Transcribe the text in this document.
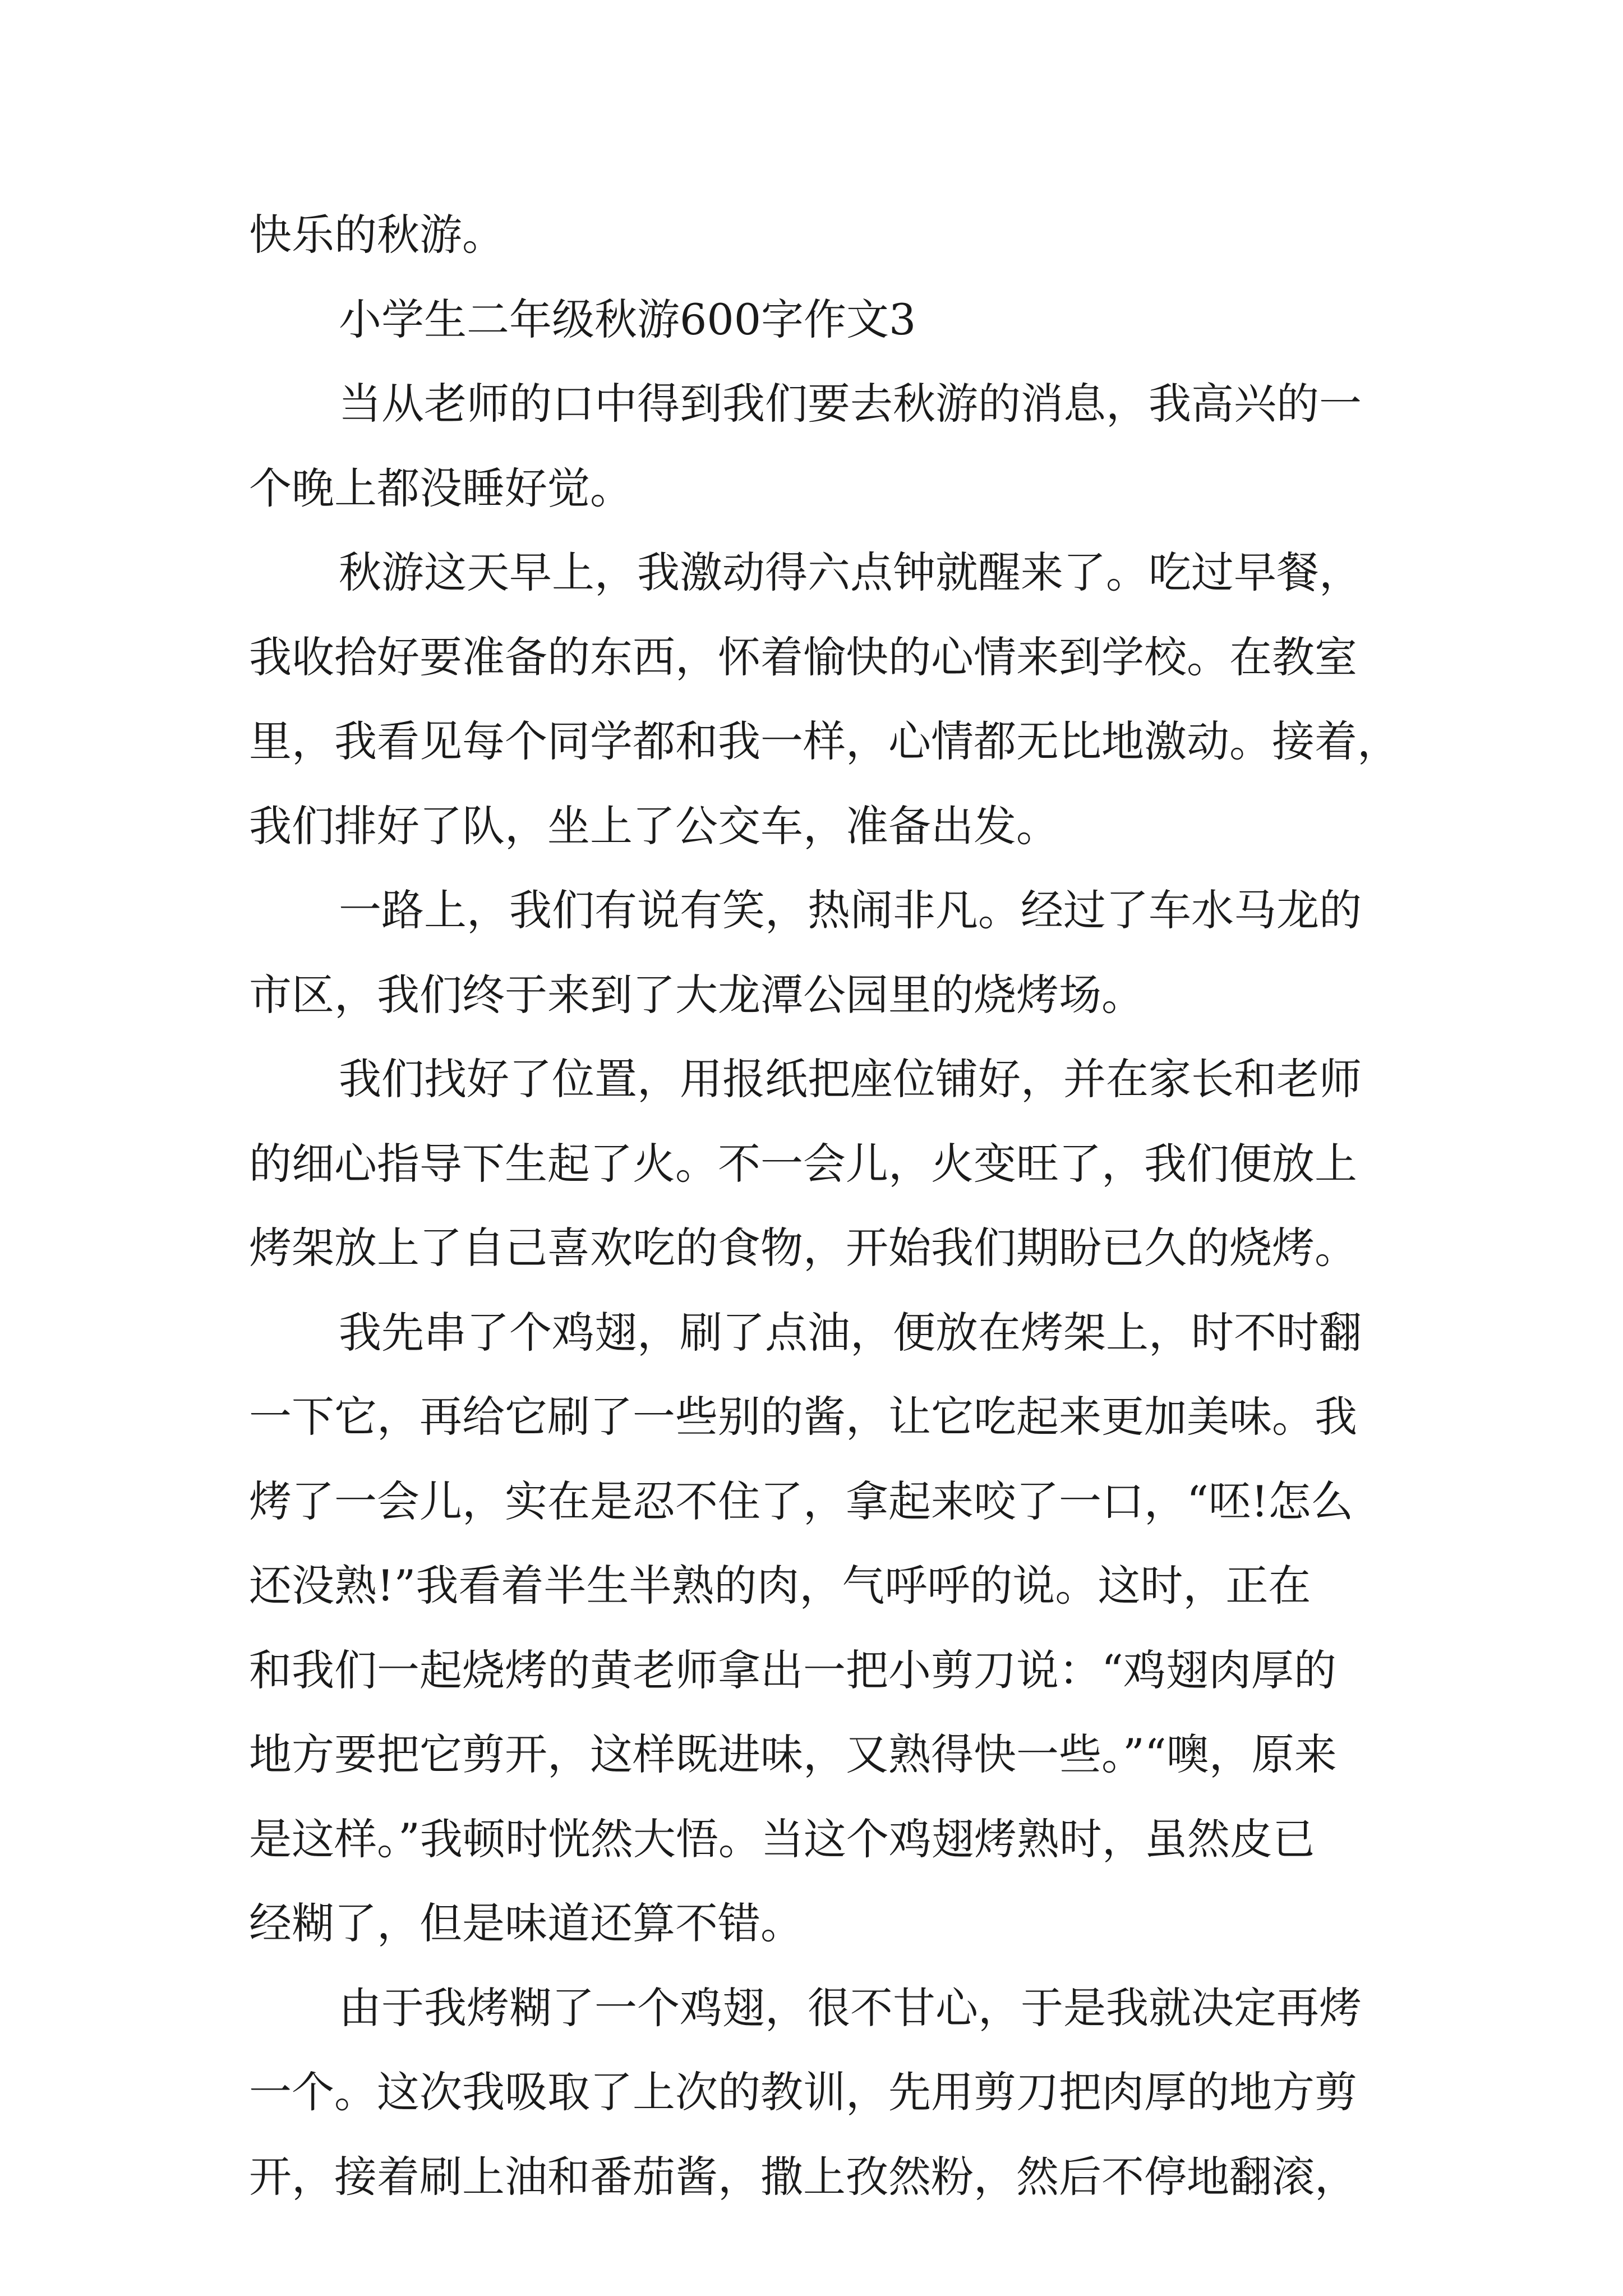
快乐的秋游。
小学生二年级秋游600字作文3
当从老师的口中得到我们要去秋游的消息，我高兴的一
个晚上都没睡好觉。
秋游这天早上，我激动得六点钟就醒来了。吃过早餐，
我收拾好要准备的东西，怀着愉快的心情来到学校。在教室
里，我看见每个同学都和我一样，心情都无比地激动。接着，
我们排好了队，坐上了公交车，准备出发。
一路上，我们有说有笑，热闹非凡。经过了车水马龙的
市区，我们终于来到了大龙潭公园里的烧烤场。
我们找好了位置，用报纸把座位铺好，并在家长和老师
的细心指导下生起了火。不一会儿，火变旺了，我们便放上
烤架放上了自己喜欢吃的食物，开始我们期盼已久的烧烤。
我先串了个鸡翅，刷了点油，便放在烤架上，时不时翻
一下它，再给它刷了一些别的酱，让它吃起来更加美味。我
烤了一会儿，实在是忍不住了，拿起来咬了一口，“呸!怎么
还没熟!”我看着半生半熟的肉，气呼呼的说。这时，正在
和我们一起烧烤的黄老师拿出一把小剪刀说：“鸡翅肉厚的
地方要把它剪开，这样既进味，又熟得快一些。”“噢，原来
是这样。”我顿时恍然大悟。当这个鸡翅烤熟时，虽然皮已
经糊了，但是味道还算不错。
由于我烤糊了一个鸡翅，很不甘心，于是我就决定再烤
一个。这次我吸取了上次的教训，先用剪刀把肉厚的地方剪
开，接着刷上油和番茄酱，撒上孜然粉，然后不停地翻滚，
